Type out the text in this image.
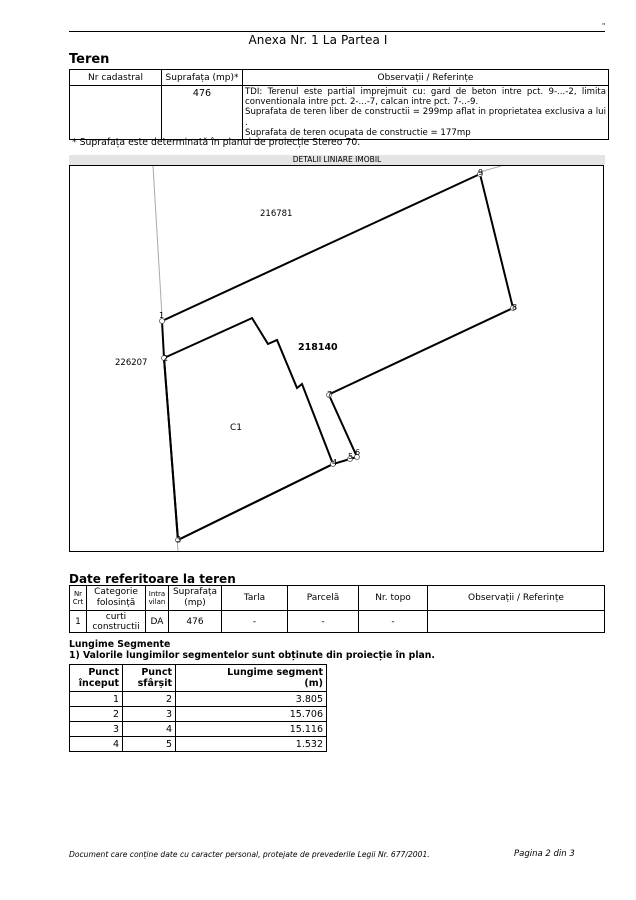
"
Anexa Nr. 1 La Partea I
Teren
Nr cadastral	Suprafața (mp)*	Observații / Referințe
	476	TDI: Terenul este partial imprejmuit cu: gard de beton intre pct. 9-...-2, limita conventionala intre pct. 2-...-7, calcan intre pct. 7-..-9.
Suprafata de teren liber de constructii = 299mp aflat in proprietatea exclusiva a lui .
Suprafata de teren ocupata de constructie = 177mp
* Suprafața este determinată în planul de proiecție Stereo 70.
DETALII LINIARE IMOBIL
1
2
3
4
5 6
7
8
9
216781
226207
218140
C1
Date referitoare la teren
Nr Crt	Categorie folosință	Intra vilan	Suprafața (mp)	Tarla	Parcelă	Nr. topo	Observații / Referințe
1	curti constructii	DA	476	-	-	-	
Lungime Segmente
1) Valorile lungimilor segmentelor sunt obținute din proiecție în plan.
Punct început	Punct sfârșit	Lungime segment
(m)
1	2	3.805
2	3	15.706
3	4	15.116
4	5	1.532
Document care conține date cu caracter personal, protejate de prevederile Legii Nr. 677/2001.	Pagina 2 din 3
